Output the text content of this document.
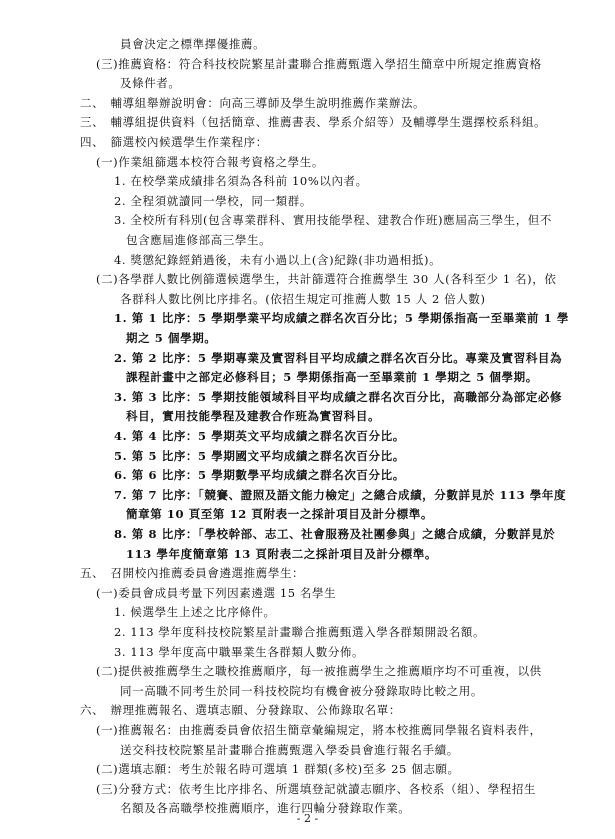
員會決定之標準擇優推薦。
(三)推薦資格：符合科技校院繁星計畫聯合推薦甄選入學招生簡章中所規定推薦資格
及條件者。
二、　輔導組舉辦說明會：向高三導師及學生說明推薦作業辦法。
三、　輔導組提供資料（包括簡章、推薦書表、學系介紹等）及輔導學生選擇校系科組。
四、　篩選校內候選學生作業程序：
(一)作業組篩選本校符合報考資格之學生。
1. 在校學業成績排名須為各科前 10%以內者。
2. 全程須就讀同一學校，同一類群。
3. 全校所有科別(包含專業群科、實用技能學程、建教合作班)應屆高三學生，但不
包含應屆進修部高三學生。
4. 獎懲紀錄經銷過後，未有小過以上(含)紀錄(非功過相抵)。
(二)各學群人數比例篩選候選學生，共計篩選符合推薦學生 30 人(各科至少 1 名)，依
各群科人數比例比序排名。(依招生規定可推薦人數 15 人 2 倍人數)
1. 第 1 比序：5 學期學業平均成績之群名次百分比；5 學期係指高一至畢業前 1 學
期之 5 個學期。
2. 第 2 比序：5 學期專業及實習科目平均成績之群名次百分比。專業及實習科目為
課程計畫中之部定必修科目；5 學期係指高一至畢業前 1 學期之 5 個學期。
3. 第 3 比序：5 學期技能領域科目平均成績之群名次百分比，高職部分為部定必修
科目，實用技能學程及建教合作班為實習科目。
4. 第 4 比序：5 學期英文平均成績之群名次百分比。
5. 第 5 比序：5 學期國文平均成績之群名次百分比。
6. 第 6 比序：5 學期數學平均成績之群名次百分比。
7. 第 7 比序：「競賽、證照及語文能力檢定」之總合成績，分數詳見於 113 學年度
簡章第 10 頁至第 12 頁附表一之採計項目及計分標準。
8. 第 8 比序：「學校幹部、志工、社會服務及社團參與」之總合成績，分數詳見於
113 學年度簡章第 13 頁附表二之採計項目及計分標準。
五、　召開校內推薦委員會遴選推薦學生：
(一)委員會成員考量下列因素遴選 15 名學生
1. 候選學生上述之比序條件。
2. 113 學年度科技校院繁星計畫聯合推薦甄選入學各群類開設名額。
3. 113 學年度高中職畢業生各群類人數分佈。
(二)提供被推薦學生之職校推薦順序，每一被推薦學生之推薦順序均不可重複，以供
同一高職不同考生於同一科技校院均有機會被分發錄取時比較之用。
六、　辦理推薦報名、選填志願、分發錄取、公佈錄取名單：
(一)推薦報名：由推薦委員會依招生簡章彙編規定，將本校推薦同學報名資料表件，
送交科技校院繁星計畫聯合推薦甄選入學委員會進行報名手續。
(二)選填志願：考生於報名時可選填 1 群類(多校)至多 25 個志願。
(三)分發方式：依考生比序排名、所選填登記就讀志願序、各校系（組）、學程招生
名額及各高職學校推薦順序，進行四輪分發錄取作業。
- 2 -
